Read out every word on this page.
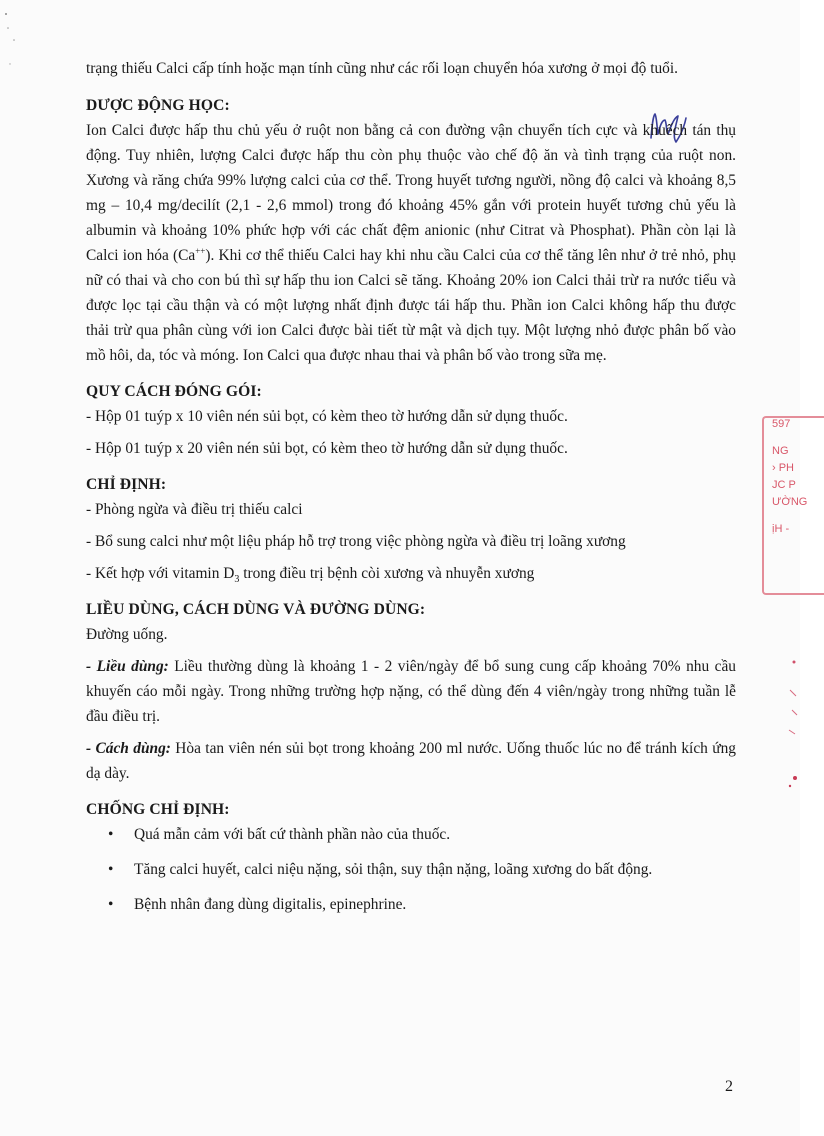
597
NG
› PH
JC P
ƯỜNG
ịH -

trạng thiếu Calci cấp tính hoặc mạn tính cũng như các rối loạn chuyển hóa xương ở mọi độ tuổi.

DƯỢC ĐỘNG HỌC:

Ion Calci được hấp thu chủ yếu ở ruột non bằng cả con đường vận chuyển tích cực và khuếch tán thụ động. Tuy nhiên, lượng Calci được hấp thu còn phụ thuộc vào chế độ ăn và tình trạng của ruột non. Xương và răng chứa 99% lượng calci của cơ thể. Trong huyết tương người, nồng độ calci và khoảng 8,5 mg – 10,4 mg/decilít (2,1 - 2,6 mmol) trong đó khoảng 45% gắn với protein huyết tương chủ yếu là albumin và khoảng 10% phức hợp với các chất đệm anionic (như Citrat và Phosphat). Phần còn lại là Calci ion hóa (Ca++). Khi cơ thể thiếu Calci hay khi nhu cầu Calci của cơ thể tăng lên như ở trẻ nhỏ, phụ nữ có thai và cho con bú thì sự hấp thu ion Calci sẽ tăng. Khoảng 20% ion Calci thải trừ ra nước tiểu và được lọc tại cầu thận và có một lượng nhất định được tái hấp thu. Phần ion Calci không hấp thu được thải trừ qua phân cùng với ion Calci được bài tiết từ mật và dịch tụy. Một lượng nhỏ được phân bố vào mồ hôi, da, tóc và móng. Ion Calci qua được nhau thai và phân bố vào trong sữa mẹ.

QUY CÁCH ĐÓNG GÓI:

- Hộp 01 tuýp x 10 viên nén sủi bọt, có kèm theo tờ hướng dẫn sử dụng thuốc.

- Hộp 01 tuýp x 20 viên nén sủi bọt, có kèm theo tờ hướng dẫn sử dụng thuốc.

CHỈ ĐỊNH:

- Phòng ngừa và điều trị thiếu calci

- Bổ sung calci như một liệu pháp hỗ trợ trong việc phòng ngừa và điều trị loãng xương

- Kết hợp với vitamin $D_3$ trong điều trị bệnh còi xương và nhuyễn xương

LIỀU DÙNG, CÁCH DÙNG VÀ ĐƯỜNG DÙNG:

Đường uống.

- Liều dùng: Liều thường dùng là khoảng 1 - 2 viên/ngày để bổ sung cung cấp khoảng 70% nhu cầu khuyến cáo mỗi ngày. Trong những trường hợp nặng, có thể dùng đến 4 viên/ngày trong những tuần lễ đầu điều trị.

- Cách dùng: Hòa tan viên nén sủi bọt trong khoảng 200 ml nước. Uống thuốc lúc no để tránh kích ứng dạ dày.

CHỐNG CHỈ ĐỊNH:

• Quá mẫn cảm với bất cứ thành phần nào của thuốc.
• Tăng calci huyết, calci niệu nặng, sỏi thận, suy thận nặng, loãng xương do bất động.
• Bệnh nhân đang dùng digitalis, epinephrine.
2
